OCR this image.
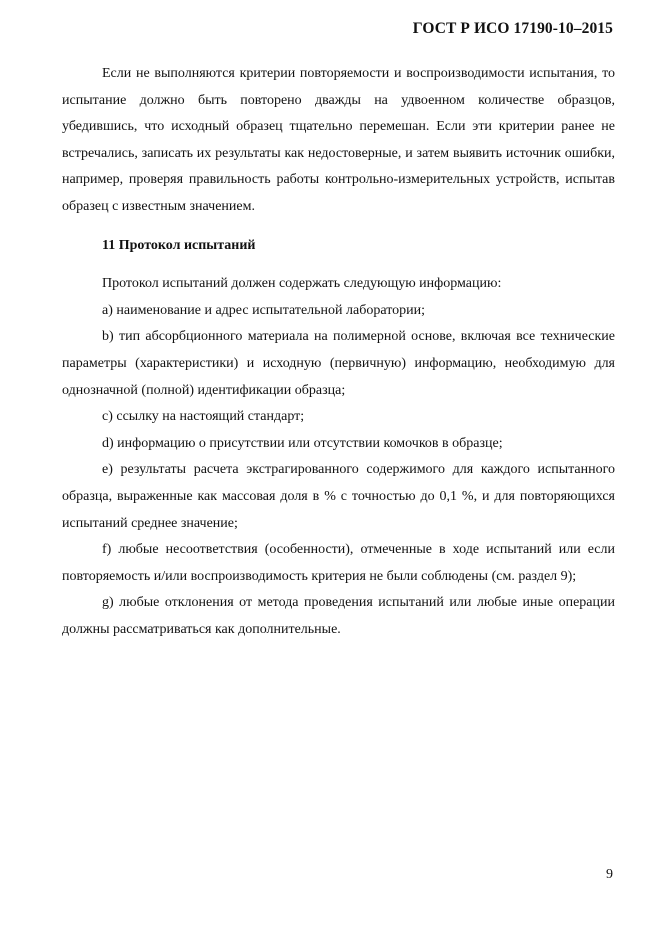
ГОСТ Р ИСО 17190-10–2015

Если не выполняются критерии повторяемости и воспроизводимости испытания, то испытание должно быть повторено дважды на удвоенном количестве образцов, убедившись, что исходный образец тщательно перемешан. Если эти критерии ранее не встречались, записать их результаты как недостоверные, и затем выявить источник ошибки, например, проверяя правильность работы контрольно-измерительных устройств, испытав образец с известным значением.

11 Протокол испытаний

Протокол испытаний должен содержать следующую информацию:

a) наименование и адрес испытательной лаборатории;

b) тип абсорбционного материала на полимерной основе, включая все технические параметры (характеристики) и исходную (первичную) информацию, необходимую для однозначной (полной) идентификации образца;

c) ссылку на настоящий стандарт;

d) информацию о присутствии или отсутствии комочков в образце;

e) результаты расчета экстрагированного содержимого для каждого испытанного образца, выраженные как массовая доля в % с точностью до 0,1 %, и для повторяющихся испытаний среднее значение;

f) любые несоответствия (особенности), отмеченные в ходе испытаний или если повторяемость и/или воспроизводимость критерия не были соблюдены (см. раздел 9);

g) любые отклонения от метода проведения испытаний или любые иные операции должны рассматриваться как дополнительные.

9
